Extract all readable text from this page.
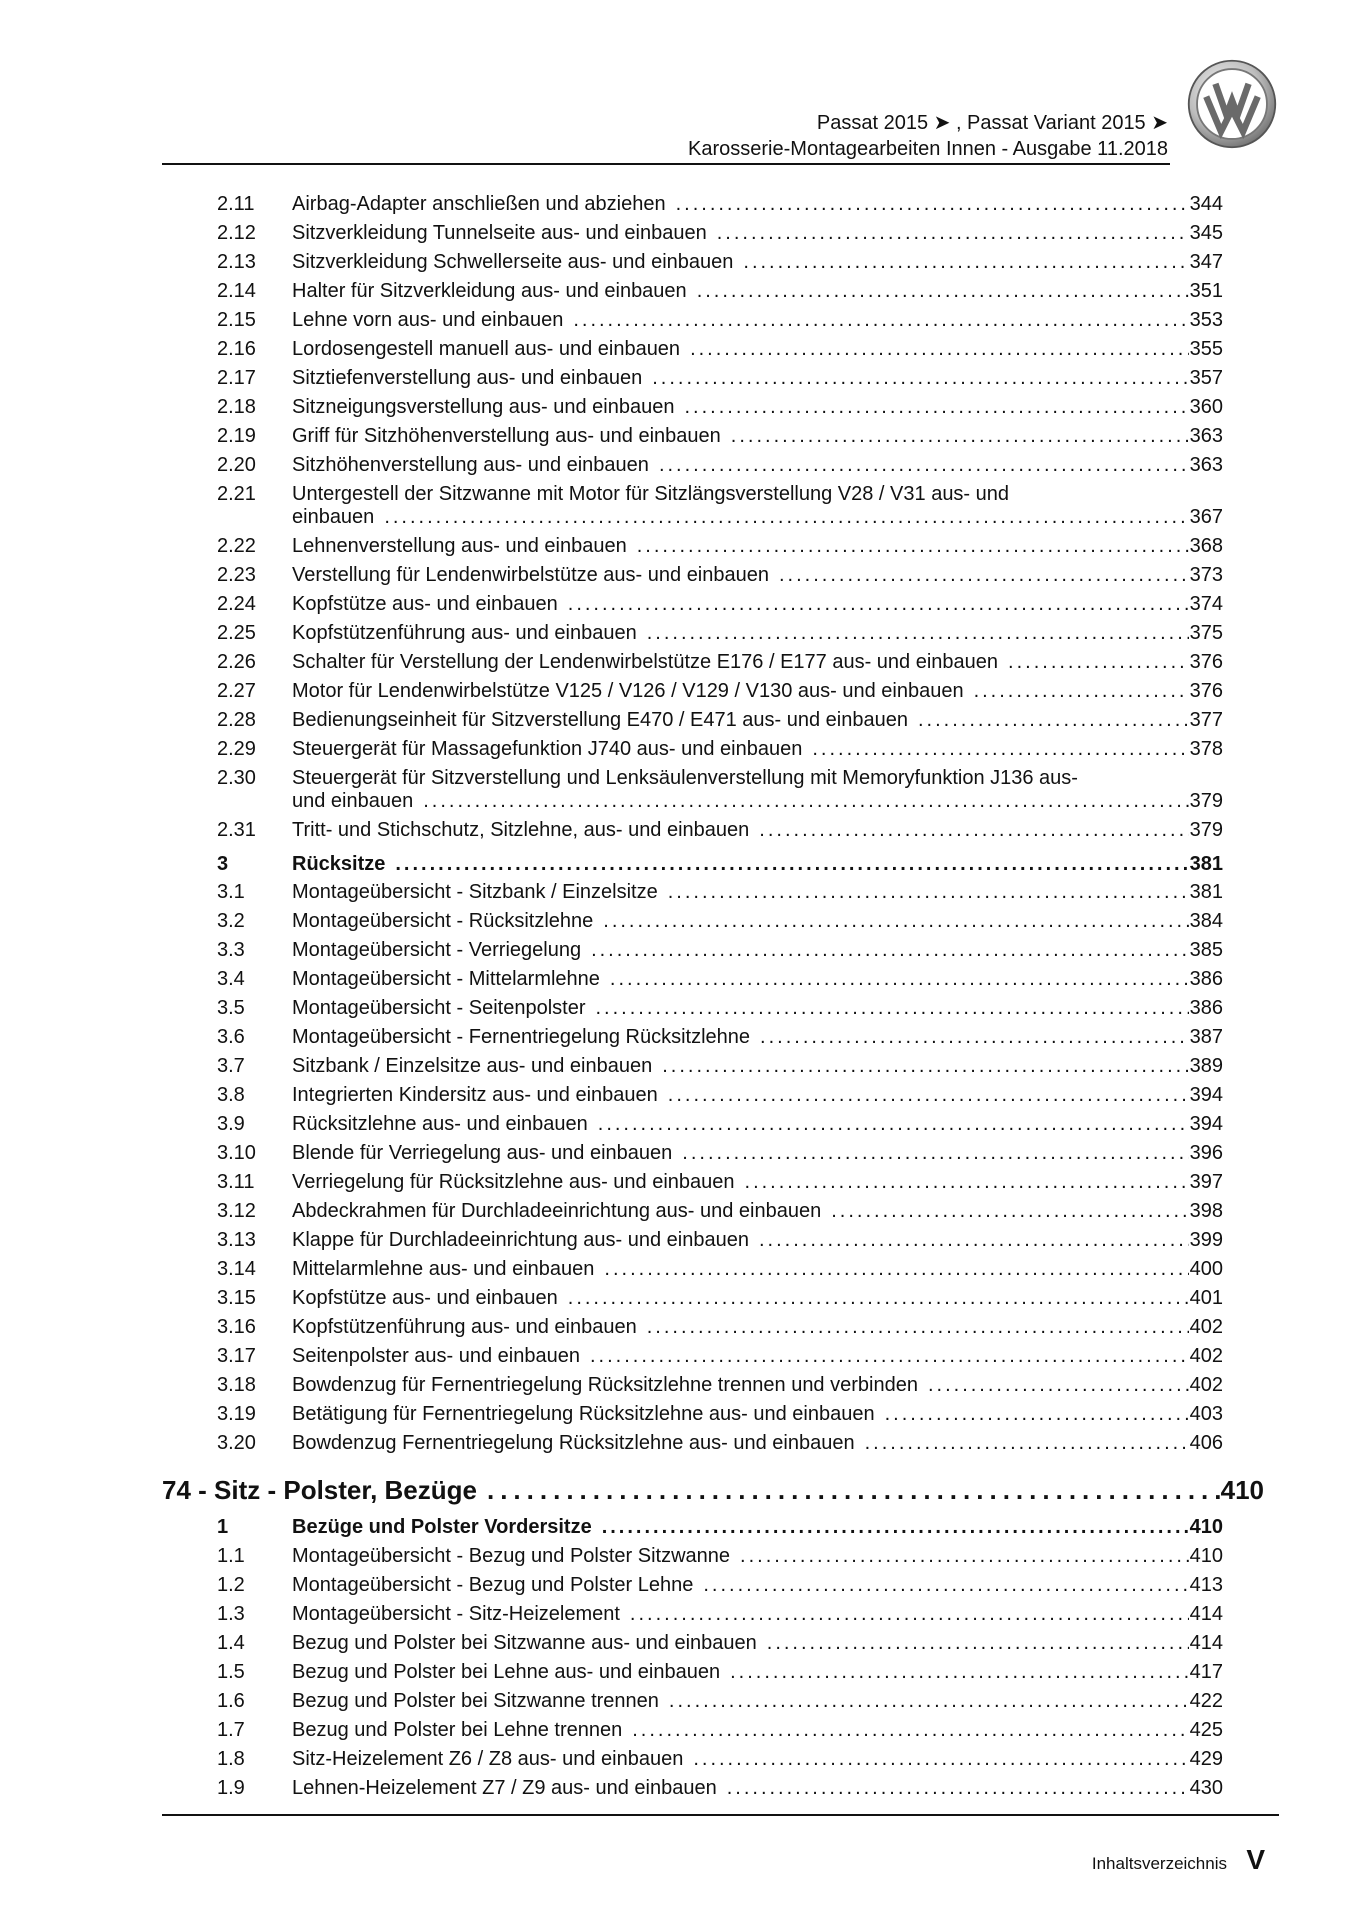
Passat 2015 ➤ , Passat Variant 2015 ➤
Karosserie-Montagearbeiten Innen - Ausgabe 11.2018
2.11 Airbag-Adapter anschließen und abziehen .....	344
2.12 Sitzverkleidung Tunnelseite aus- und einbauen .....	345
2.13 Sitzverkleidung Schwellerseite aus- und einbauen .....	347
2.14 Halter für Sitzverkleidung aus- und einbauen .....	351
2.15 Lehne vorn aus- und einbauen .....	353
2.16 Lordosengestell manuell aus- und einbauen .....	355
2.17 Sitztiefenverstellung aus- und einbauen .....	357
2.18 Sitzneigungsverstellung aus- und einbauen .....	360
2.19 Griff für Sitzhöhenverstellung aus- und einbauen .....	363
2.20 Sitzhöhenverstellung aus- und einbauen .....	363
2.21 Untergestell der Sitzwanne mit Motor für Sitzlängsverstellung V28 / V31 aus- und
einbauen .....	367
2.22 Lehnenverstellung aus- und einbauen .....	368
2.23 Verstellung für Lendenwirbelstütze aus- und einbauen .....	373
2.24 Kopfstütze aus- und einbauen .....	374
2.25 Kopfstützenführung aus- und einbauen .....	375
2.26 Schalter für Verstellung der Lendenwirbelstütze E176 / E177 aus- und einbauen .....	376
2.27 Motor für Lendenwirbelstütze V125 / V126 / V129 / V130 aus- und einbauen .....	376
2.28 Bedienungseinheit für Sitzverstellung E470 / E471 aus- und einbauen .....	377
2.29 Steuergerät für Massagefunktion J740 aus- und einbauen .....	378
2.30 Steuergerät für Sitzverstellung und Lenksäulenverstellung mit Memoryfunktion J136 aus-
und einbauen .....	379
2.31 Tritt- und Stichschutz, Sitzlehne, aus- und einbauen .....	379
3	Rücksitze .....	381
3.1 Montageübersicht - Sitzbank / Einzelsitze .....	381
3.2 Montageübersicht - Rücksitzlehne .....	384
3.3 Montageübersicht - Verriegelung .....	385
3.4 Montageübersicht - Mittelarmlehne .....	386
3.5 Montageübersicht - Seitenpolster .....	386
3.6 Montageübersicht - Fernentriegelung Rücksitzlehne .....	387
3.7 Sitzbank / Einzelsitze aus- und einbauen .....	389
3.8 Integrierten Kindersitz aus- und einbauen .....	394
3.9 Rücksitzlehne aus- und einbauen .....	394
3.10 Blende für Verriegelung aus- und einbauen .....	396
3.11 Verriegelung für Rücksitzlehne aus- und einbauen .....	397
3.12 Abdeckrahmen für Durchladeeinrichtung aus- und einbauen .....	398
3.13 Klappe für Durchladeeinrichtung aus- und einbauen .....	399
3.14 Mittelarmlehne aus- und einbauen .....	400
3.15 Kopfstütze aus- und einbauen .....	401
3.16 Kopfstützenführung aus- und einbauen .....	402
3.17 Seitenpolster aus- und einbauen .....	402
3.18 Bowdenzug für Fernentriegelung Rücksitzlehne trennen und verbinden .....	402
3.19 Betätigung für Fernentriegelung Rücksitzlehne aus- und einbauen .....	403
3.20 Bowdenzug Fernentriegelung Rücksitzlehne aus- und einbauen .....	406
74 - Sitz - Polster, Bezüge .....	410
1	Bezüge und Polster Vordersitze .....	410
1.1 Montageübersicht - Bezug und Polster Sitzwanne .....	410
1.2 Montageübersicht - Bezug und Polster Lehne .....	413
1.3 Montageübersicht - Sitz-Heizelement .....	414
1.4 Bezug und Polster bei Sitzwanne aus- und einbauen .....	414
1.5 Bezug und Polster bei Lehne aus- und einbauen .....	417
1.6 Bezug und Polster bei Sitzwanne trennen .....	422
1.7 Bezug und Polster bei Lehne trennen .....	425
1.8 Sitz-Heizelement Z6 / Z8 aus- und einbauen .....	429
1.9 Lehnen-Heizelement Z7 / Z9 aus- und einbauen .....	430
Inhaltsverzeichnis V
